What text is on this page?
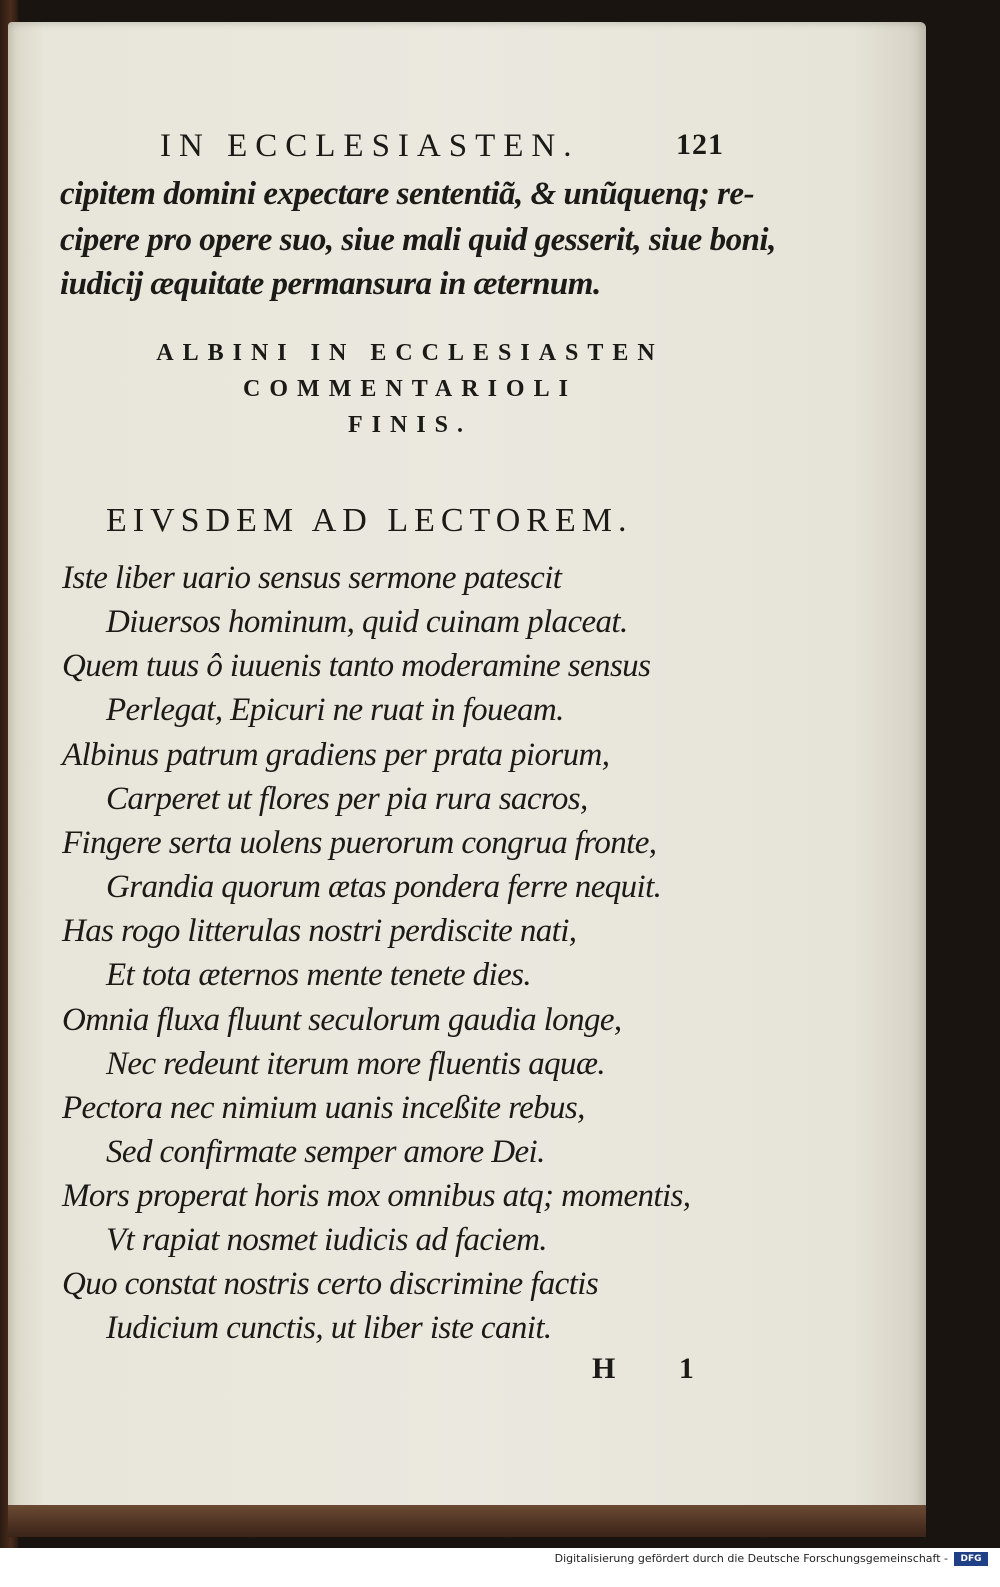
IN ECCLESIASTEN.	121
cipitem domini expectare sententiã, & unũquenq; re-
cipere pro opere suo, siue mali quid gesserit, siue boni,
iudicij æquitate permansura in æternum.
ALBINI IN ECCLESIASTEN
COMMENTARIOLI
FINIS.
EIVSDEM AD LECTOREM.
Iste liber uario sensus sermone patescit
Diuersos hominum, quid cuinam placeat.
Quem tuus ô iuuenis tanto moderamine sensus
Perlegat, Epicuri ne ruat in foueam.
Albinus patrum gradiens per prata piorum,
Carperet ut flores per pia rura sacros,
Fingere serta uolens puerorum congrua fronte,
Grandia quorum ætas pondera ferre nequit.
Has rogo litterulas nostri perdiscite nati,
Et tota æternos mente tenete dies.
Omnia fluxa fluunt seculorum gaudia longe,
Nec redeunt iterum more fluentis aquæ.
Pectora nec nimium uanis inceßite rebus,
Sed confirmate semper amore Dei.
Mors properat horis mox omnibus atq; momentis,
Vt rapiat nosmet iudicis ad faciem.
Quo constat nostris certo discrimine factis
Iudicium cunctis, ut liber iste canit.
H 1
Digitalisierung gefördert durch die Deutsche Forschungsgemeinschaft -	DFG
